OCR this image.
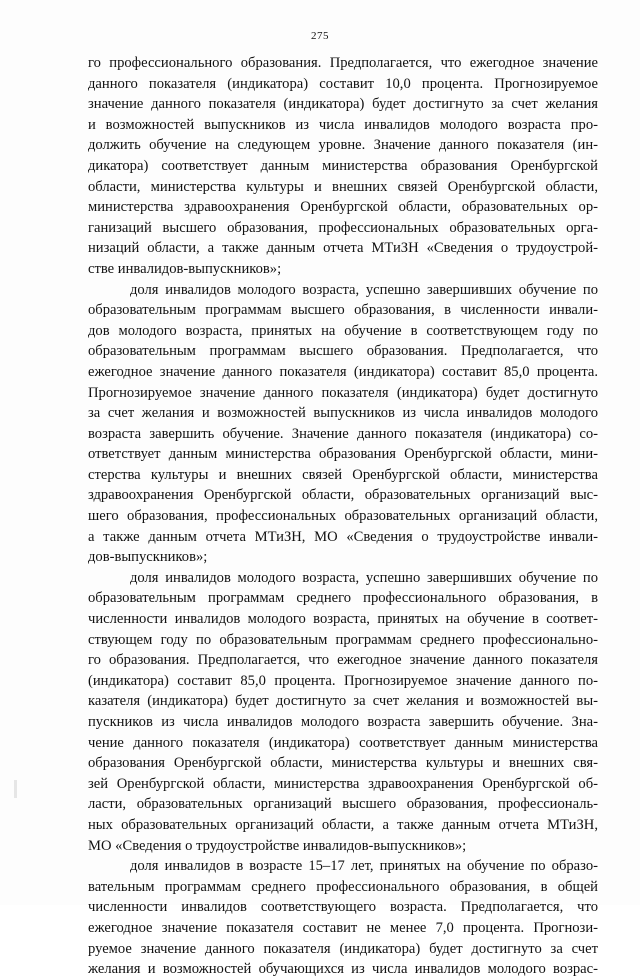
275
го профессионального образования. Предполагается, что ежегодное значение
данного показателя (индикатора) составит 10,0 процента. Прогнозируемое
значение данного показателя (индикатора) будет достигнуто за счет желания
и возможностей выпускников из числа инвалидов молодого возраста про-
должить обучение на следующем уровне. Значение данного показателя (ин-
дикатора) соответствует данным министерства образования Оренбургской
области, министерства культуры и внешних связей Оренбургской области,
министерства здравоохранения Оренбургской области, образовательных ор-
ганизаций высшего образования, профессиональных образовательных орга-
низаций области, а также данным отчета МТиЗН «Сведения о трудоустрой-
стве инвалидов-выпускников»;
доля инвалидов молодого возраста, успешно завершивших обучение по
образовательным программам высшего образования, в численности инвали-
дов молодого возраста, принятых на обучение в соответствующем году по
образовательным программам высшего образования. Предполагается, что
ежегодное значение данного показателя (индикатора) составит 85,0 процента.
Прогнозируемое значение данного показателя (индикатора) будет достигнуто
за счет желания и возможностей выпускников из числа инвалидов молодого
возраста завершить обучение. Значение данного показателя (индикатора) со-
ответствует данным министерства образования Оренбургской области, мини-
стерства культуры и внешних связей Оренбургской области, министерства
здравоохранения Оренбургской области, образовательных организаций выс-
шего образования, профессиональных образовательных организаций области,
а также данным отчета МТиЗН, МО «Сведения о трудоустройстве инвали-
дов-выпускников»;
доля инвалидов молодого возраста, успешно завершивших обучение по
образовательным программам среднего профессионального образования, в
численности инвалидов молодого возраста, принятых на обучение в соответ-
ствующем году по образовательным программам среднего профессионально-
го образования. Предполагается, что ежегодное значение данного показателя
(индикатора) составит 85,0 процента. Прогнозируемое значение данного по-
казателя (индикатора) будет достигнуто за счет желания и возможностей вы-
пускников из числа инвалидов молодого возраста завершить обучение. Зна-
чение данного показателя (индикатора) соответствует данным министерства
образования Оренбургской области, министерства культуры и внешних свя-
зей Оренбургской области, министерства здравоохранения Оренбургской об-
ласти, образовательных организаций высшего образования, профессиональ-
ных образовательных организаций области, а также данным отчета МТиЗН,
МО «Сведения о трудоустройстве инвалидов-выпускников»;
доля инвалидов в возрасте 15–17 лет, принятых на обучение по образо-
вательным программам среднего профессионального образования, в общей
численности инвалидов соответствующего возраста. Предполагается, что
ежегодное значение показателя составит не менее 7,0 процента. Прогнози-
руемое значение данного показателя (индикатора) будет достигнуто за счет
желания и возможностей обучающихся из числа инвалидов молодого возрас-
